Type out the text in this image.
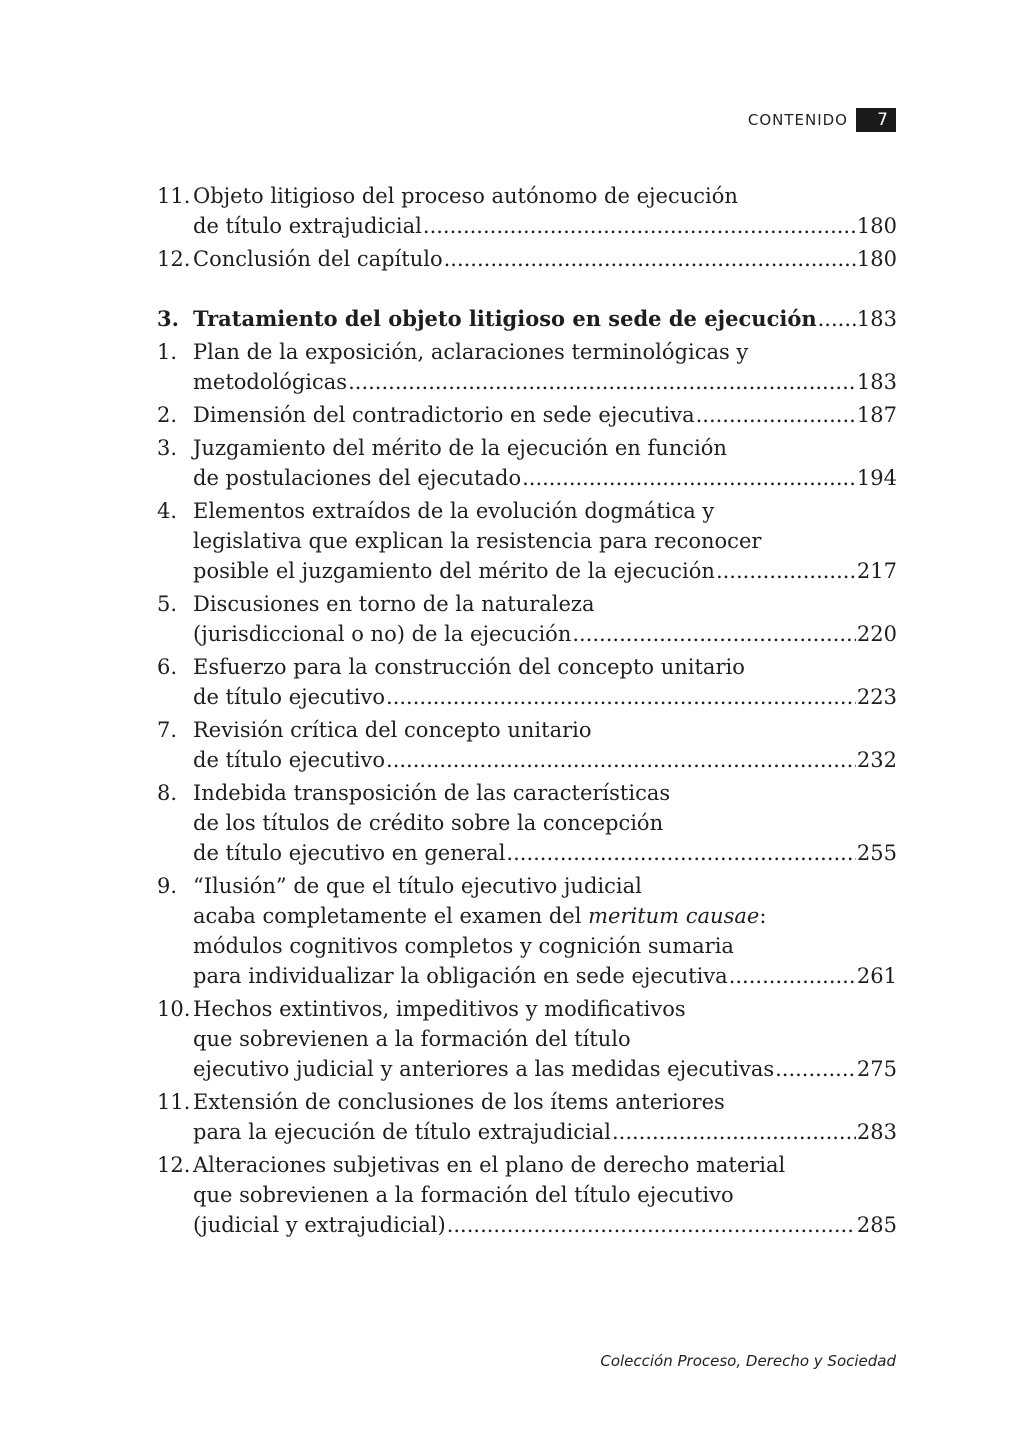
CONTENIDO	7
11. Objeto litigioso del proceso autónomo de ejecución
de título extrajudicial .....	180
12. Conclusión del capítulo .....	180
3. Tratamiento del objeto litigioso en sede de ejecución ..... 183
1. Plan de la exposición, aclaraciones terminológicas y
metodológicas .....	183
2. Dimensión del contradictorio en sede ejecutiva .....	187
3. Juzgamiento del mérito de la ejecución en función
de postulaciones del ejecutado .....	194
4. Elementos extraídos de la evolución dogmática y
legislativa que explican la resistencia para reconocer
posible el juzgamiento del mérito de la ejecución .....	217
5. Discusiones en torno de la naturaleza
(jurisdiccional o no) de la ejecución .....	220
6. Esfuerzo para la construcción del concepto unitario
de título ejecutivo .....	223
7. Revisión crítica del concepto unitario
de título ejecutivo .....	232
8. Indebida transposición de las características
de los títulos de crédito sobre la concepción
de título ejecutivo en general .....	255
9. “Ilusión” de que el título ejecutivo judicial
acaba completamente el examen del meritum causae:
módulos cognitivos completos y cognición sumaria
para individualizar la obligación en sede ejecutiva .....	261
10. Hechos extintivos, impeditivos y modificativos
que sobrevienen a la formación del título
ejecutivo judicial y anteriores a las medidas ejecutivas .....	275
11. Extensión de conclusiones de los ítems anteriores
para la ejecución de título extrajudicial .....	283
12. Alteraciones subjetivas en el plano de derecho material
que sobrevienen a la formación del título ejecutivo
(judicial y extrajudicial) .....	285
Colección Proceso, Derecho y Sociedad
